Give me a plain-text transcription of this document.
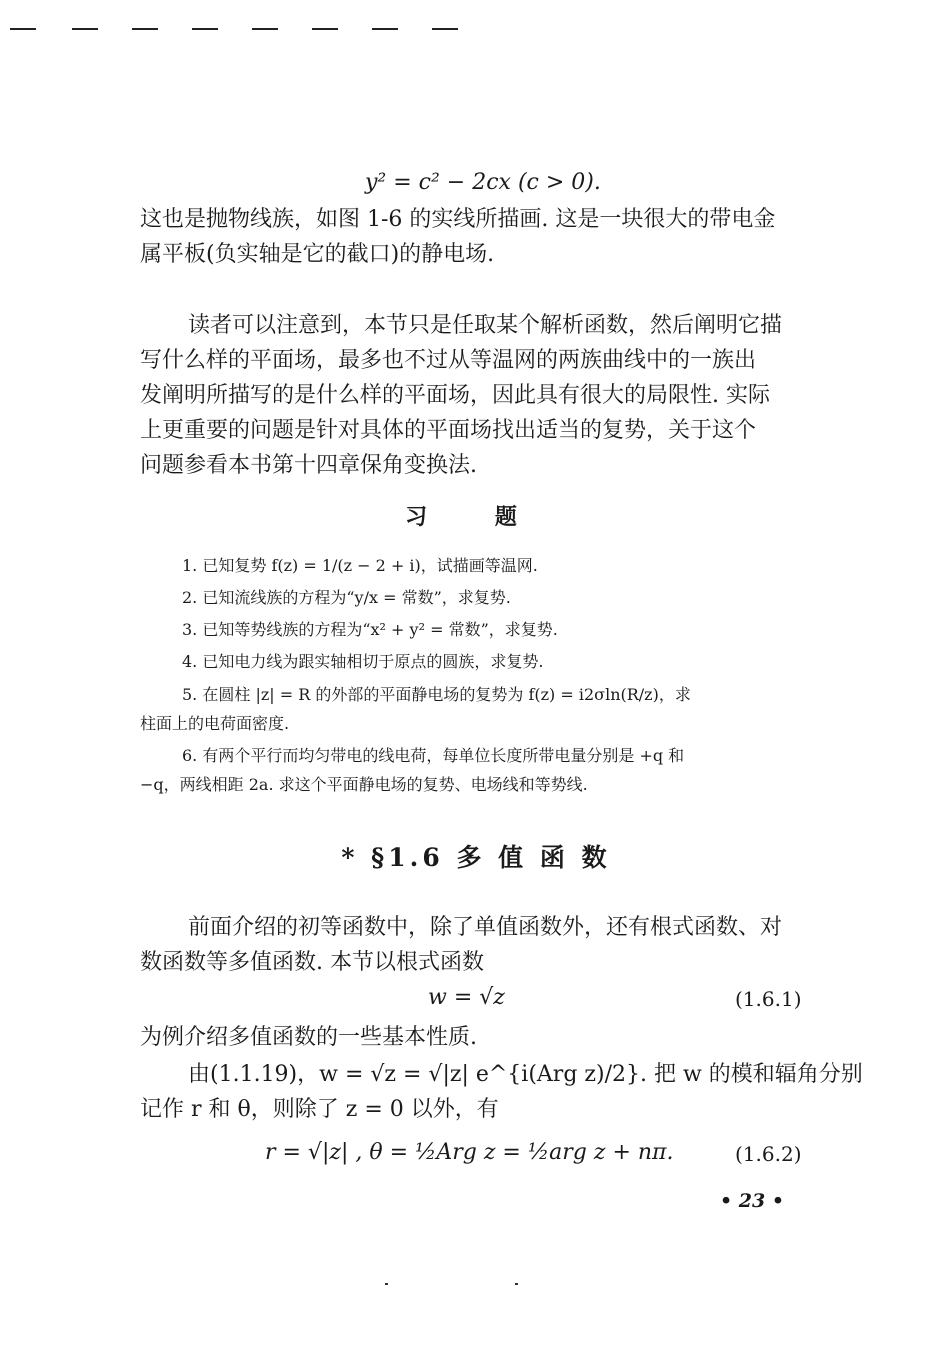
y² = c² − 2cx (c > 0).
这也是抛物线族，如图 1-6 的实线所描画. 这是一块很大的带电金
属平板(负实轴是它的截口)的静电场.
读者可以注意到，本节只是任取某个解析函数，然后阐明它描
写什么样的平面场，最多也不过从等温网的两族曲线中的一族出
发阐明所描写的是什么样的平面场，因此具有很大的局限性. 实际
上更重要的问题是针对具体的平面场找出适当的复势，关于这个
问题参看本书第十四章保角变换法.
习 题
1. 已知复势 f(z) = 1/(z − 2 + i)，试描画等温网.
2. 已知流线族的方程为“y/x = 常数”，求复势.
3. 已知等势线族的方程为“x² + y² = 常数”，求复势.
4. 已知电力线为跟实轴相切于原点的圆族，求复势.
5. 在圆柱 |z| = R 的外部的平面静电场的复势为 f(z) = i2σln(R/z)，求
柱面上的电荷面密度.
6. 有两个平行而均匀带电的线电荷，每单位长度所带电量分别是 +q 和
−q，两线相距 2a. 求这个平面静电场的复势、电场线和等势线.
* §1.6 多 值 函 数
前面介绍的初等函数中，除了单值函数外，还有根式函数、对
数函数等多值函数. 本节以根式函数
w = √z
为例介绍多值函数的一些基本性质.
由(1.1.19)，w = √z = √|z| e^{i(Arg z)/2}. 把 w 的模和辐角分别
记作 r 和 θ，则除了 z = 0 以外，有
r = √|z| , θ = ½Arg z = ½arg z + nπ.
• 23 •
(1.6.1)
(1.6.2)
